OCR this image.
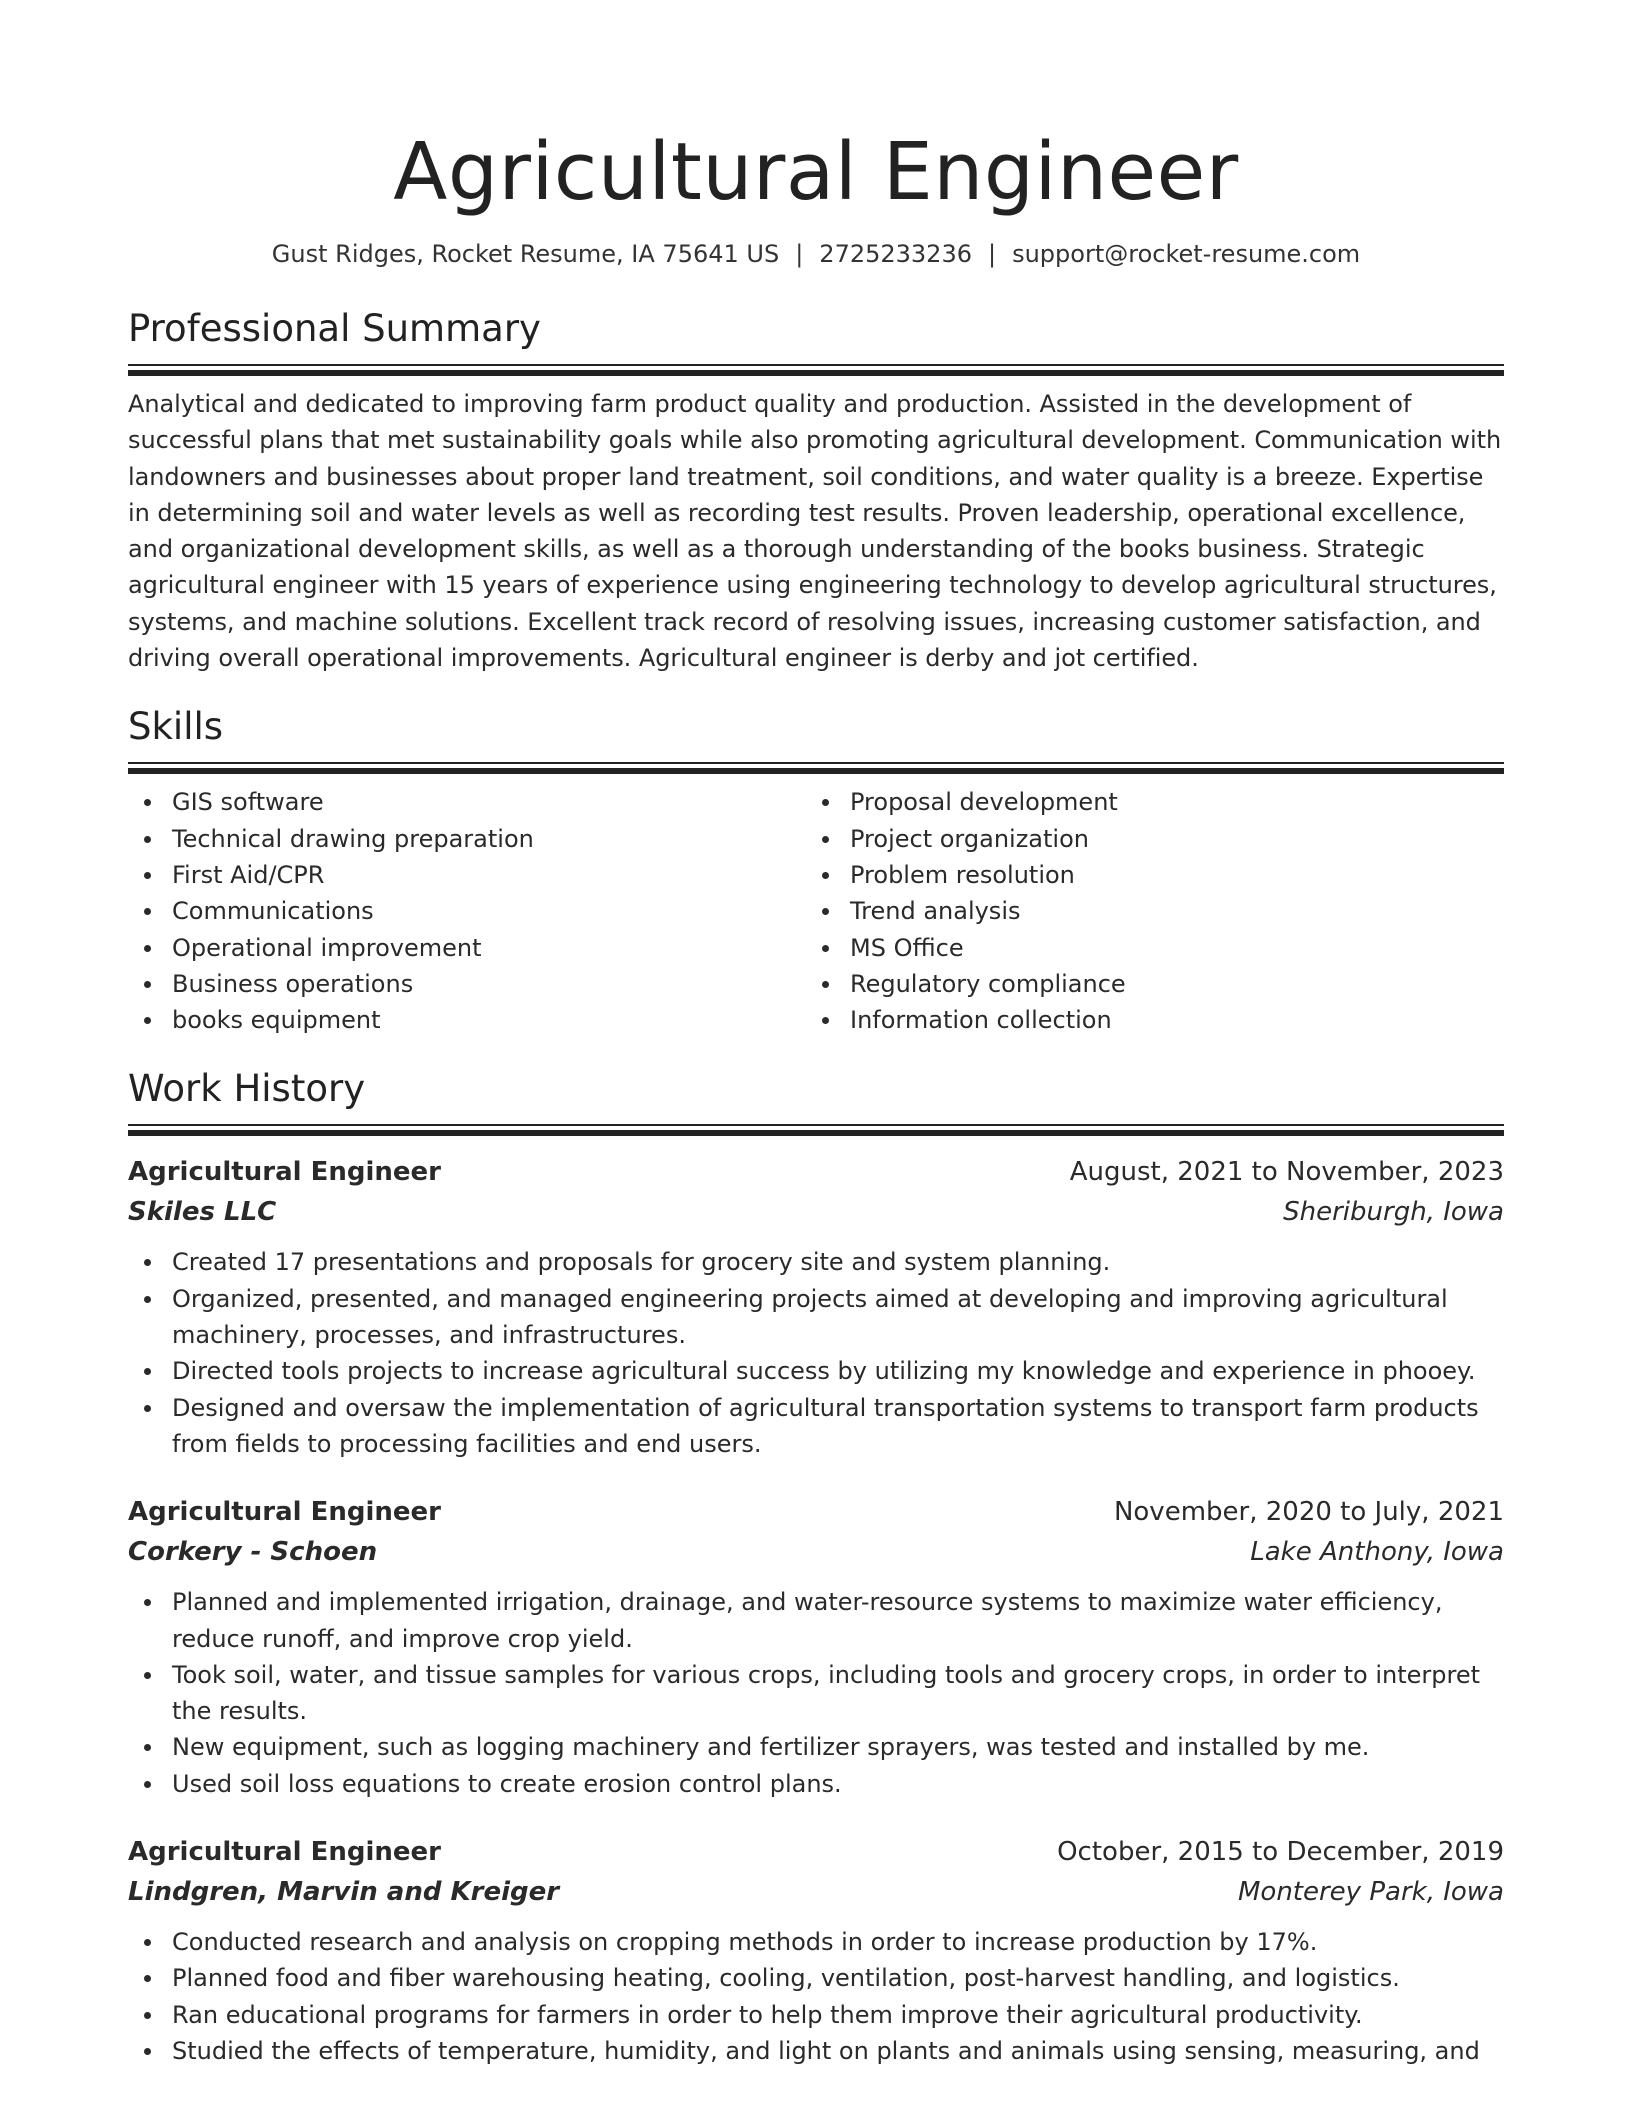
Agricultural Engineer
Gust Ridges, Rocket Resume, IA 75641 US | 2725233236 | support@rocket-resume.com
Professional Summary

Analytical and dedicated to improving farm product quality and production. Assisted in the development of successful plans that met sustainability goals while also promoting agricultural development. Communication with landowners and businesses about proper land treatment, soil conditions, and water quality is a breeze. Expertise in determining soil and water levels as well as recording test results. Proven leadership, operational excellence, and organizational development skills, as well as a thorough understanding of the books business. Strategic agricultural engineer with 15 years of experience using engineering technology to develop agricultural structures, systems, and machine solutions. Excellent track record of resolving issues, increasing customer satisfaction, and driving overall operational improvements. Agricultural engineer is derby and jot certified.

Skills
GIS software
Technical drawing preparation
First Aid/CPR
Communications
Operational improvement
Business operations
books equipment
Proposal development
Project organization
Problem resolution
Trend analysis
MS Office
Regulatory compliance
Information collection
Work History
Agricultural Engineer	August, 2021 to November, 2023
Skiles LLC	Sheriburgh, Iowa
Created 17 presentations and proposals for grocery site and system planning.
Organized, presented, and managed engineering projects aimed at developing and improving agricultural machinery, processes, and infrastructures.
Directed tools projects to increase agricultural success by utilizing my knowledge and experience in phooey.
Designed and oversaw the implementation of agricultural transportation systems to transport farm products from fields to processing facilities and end users.
Agricultural Engineer	November, 2020 to July, 2021
Corkery - Schoen	Lake Anthony, Iowa
Planned and implemented irrigation, drainage, and water-resource systems to maximize water efficiency, reduce runoff, and improve crop yield.
Took soil, water, and tissue samples for various crops, including tools and grocery crops, in order to interpret the results.
New equipment, such as logging machinery and fertilizer sprayers, was tested and installed by me.
Used soil loss equations to create erosion control plans.
Agricultural Engineer	October, 2015 to December, 2019
Lindgren, Marvin and Kreiger	Monterey Park, Iowa
Conducted research and analysis on cropping methods in order to increase production by 17%.
Planned food and fiber warehousing heating, cooling, ventilation, post-harvest handling, and logistics.
Ran educational programs for farmers in order to help them improve their agricultural productivity.
Studied the effects of temperature, humidity, and light on plants and animals using sensing, measuring, and
